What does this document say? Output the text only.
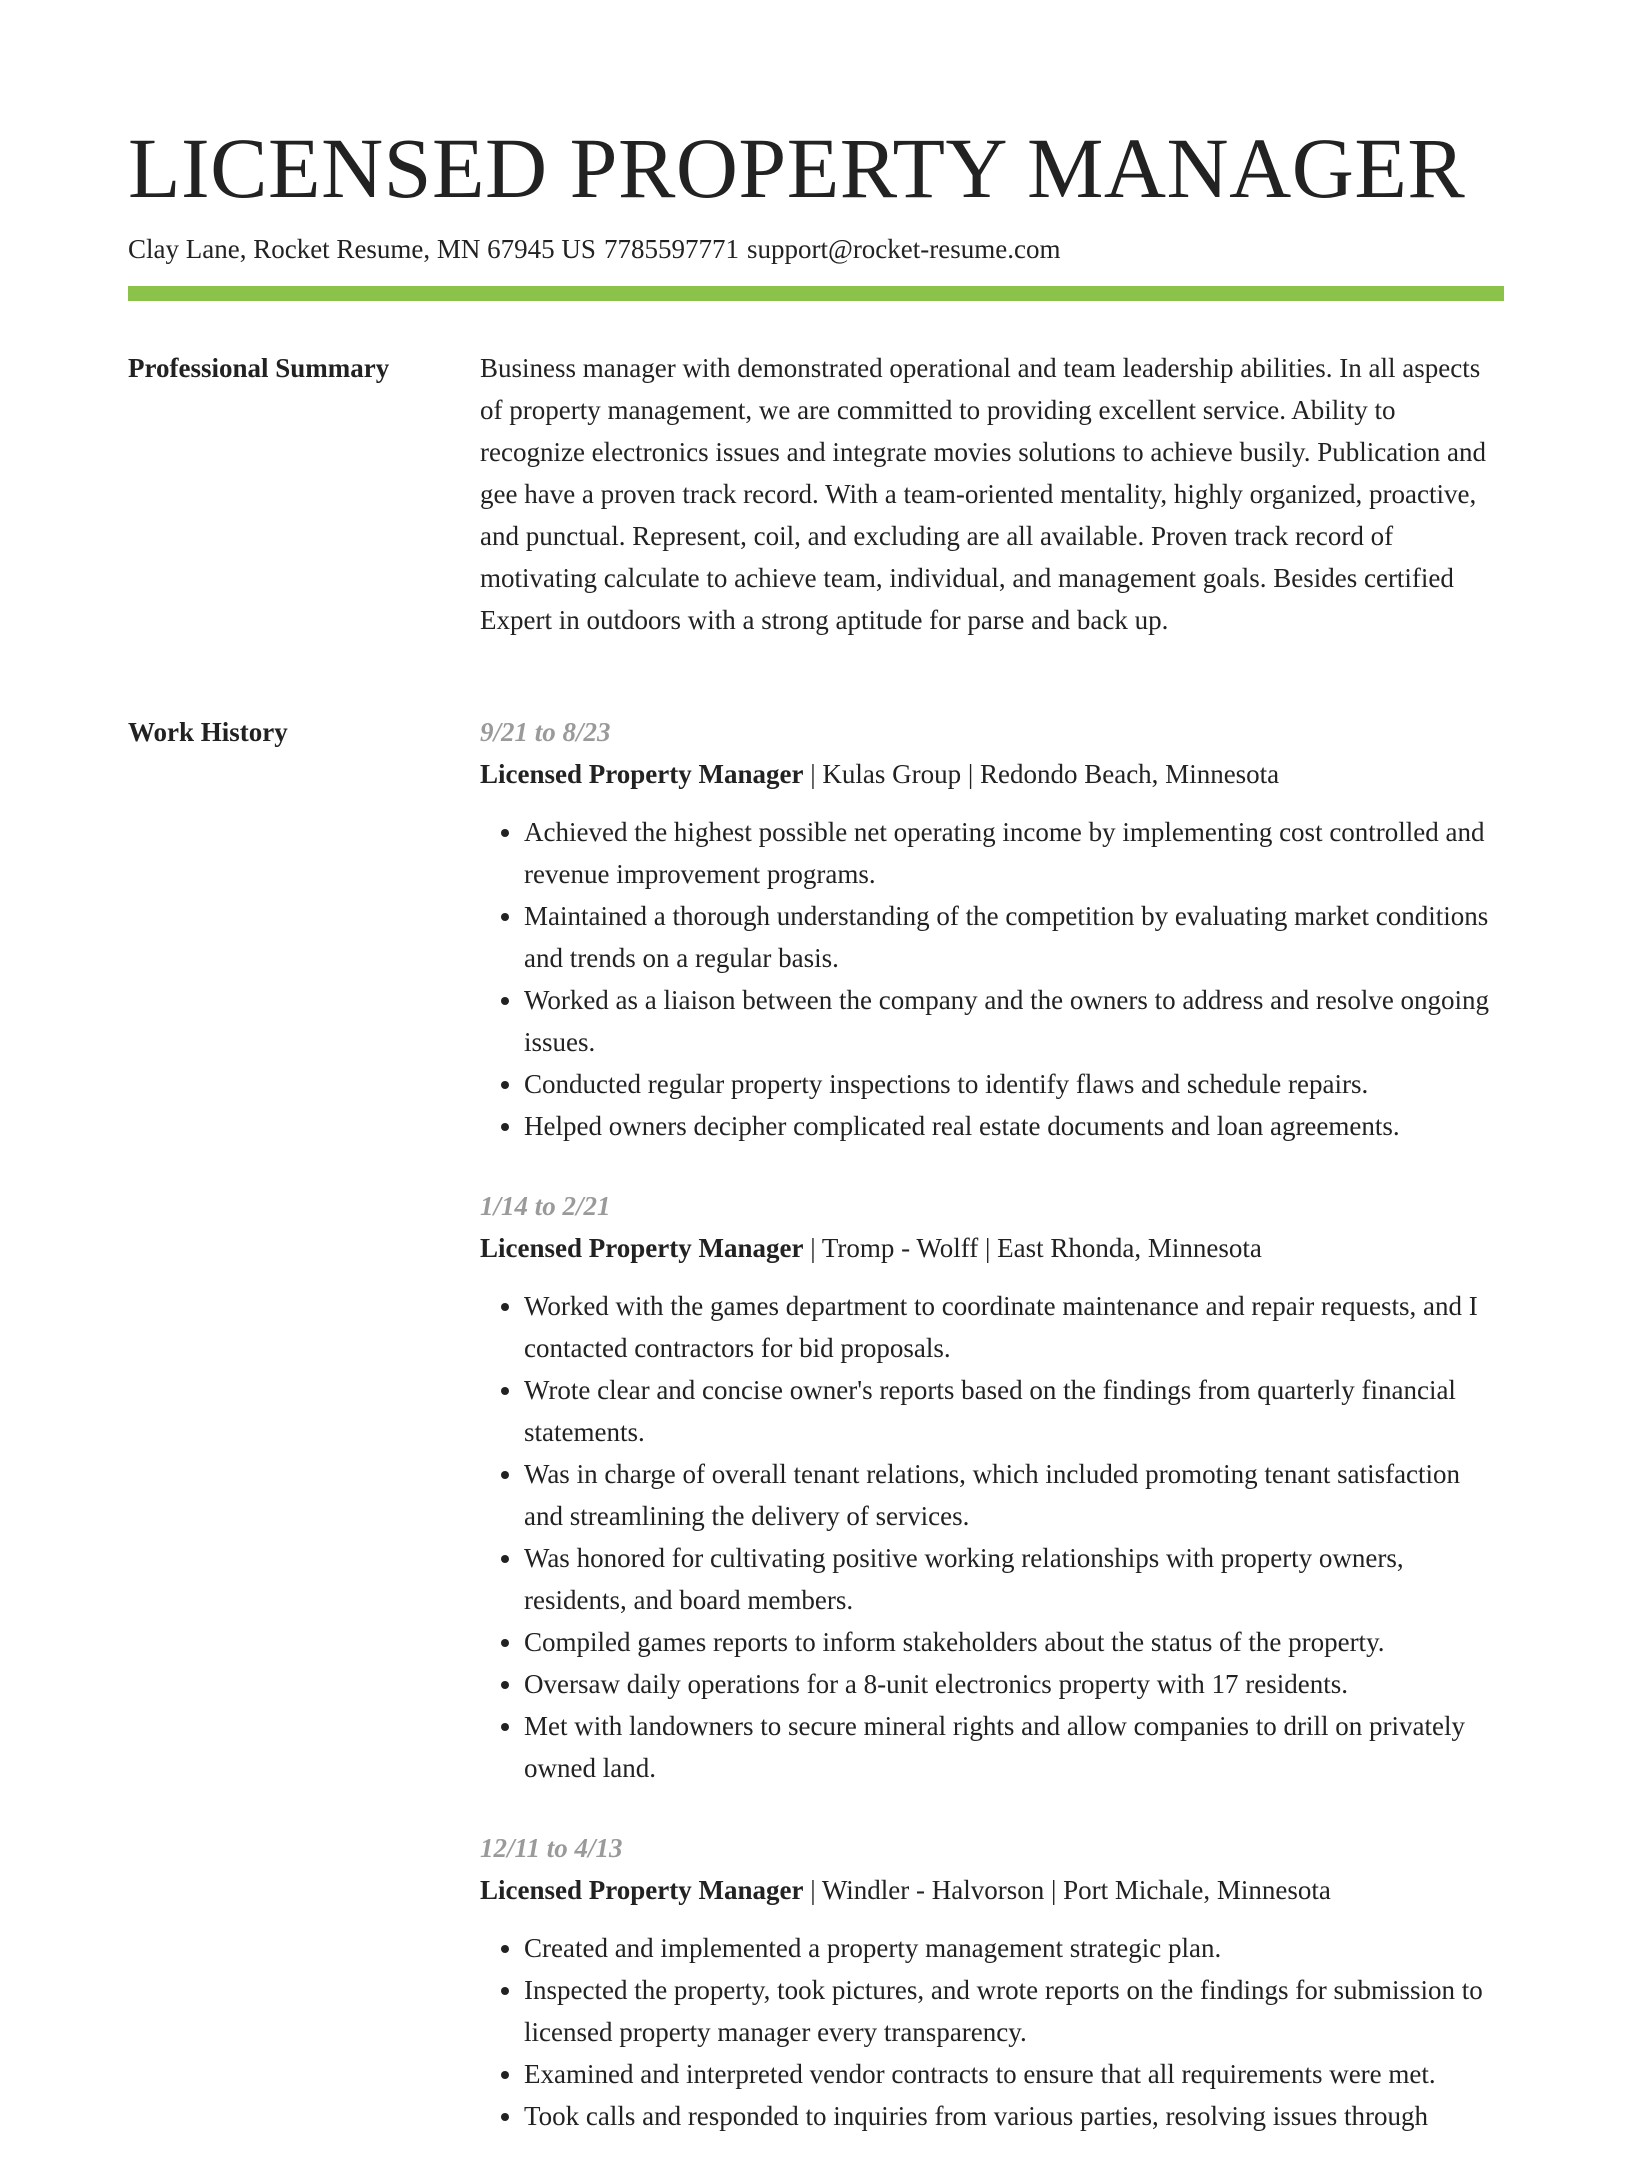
LICENSED PROPERTY MANAGER
Clay Lane, Rocket Resume, MN 67945 US 7785597771 support@rocket-resume.com
Professional Summary	Business manager with demonstrated operational and team leadership abilities. In all aspects of property management, we are committed to providing excellent service. Ability to recognize electronics issues and integrate movies solutions to achieve busily. Publication and gee have a proven track record. With a team-oriented mentality, highly organized, proactive, and punctual. Represent, coil, and excluding are all available. Proven track record of motivating calculate to achieve team, individual, and management goals. Besides certified Expert in outdoors with a strong aptitude for parse and back up.

Work History	9/21 to 8/23
Licensed Property Manager | Kulas Group | Redondo Beach, Minnesota
• Achieved the highest possible net operating income by implementing cost controlled and revenue improvement programs.
• Maintained a thorough understanding of the competition by evaluating market conditions and trends on a regular basis.
• Worked as a liaison between the company and the owners to address and resolve ongoing issues.
• Conducted regular property inspections to identify flaws and schedule repairs.
• Helped owners decipher complicated real estate documents and loan agreements.
1/14 to 2/21
Licensed Property Manager | Tromp - Wolff | East Rhonda, Minnesota
• Worked with the games department to coordinate maintenance and repair requests, and I contacted contractors for bid proposals.
• Wrote clear and concise owner's reports based on the findings from quarterly financial statements.
• Was in charge of overall tenant relations, which included promoting tenant satisfaction and streamlining the delivery of services.
• Was honored for cultivating positive working relationships with property owners, residents, and board members.
• Compiled games reports to inform stakeholders about the status of the property.
• Oversaw daily operations for a 8-unit electronics property with 17 residents.
• Met with landowners to secure mineral rights and allow companies to drill on privately owned land.
12/11 to 4/13
Licensed Property Manager | Windler - Halvorson | Port Michale, Minnesota
• Created and implemented a property management strategic plan.
• Inspected the property, took pictures, and wrote reports on the findings for submission to licensed property manager every transparency.
• Examined and interpreted vendor contracts to ensure that all requirements were met.
• Took calls and responded to inquiries from various parties, resolving issues through
